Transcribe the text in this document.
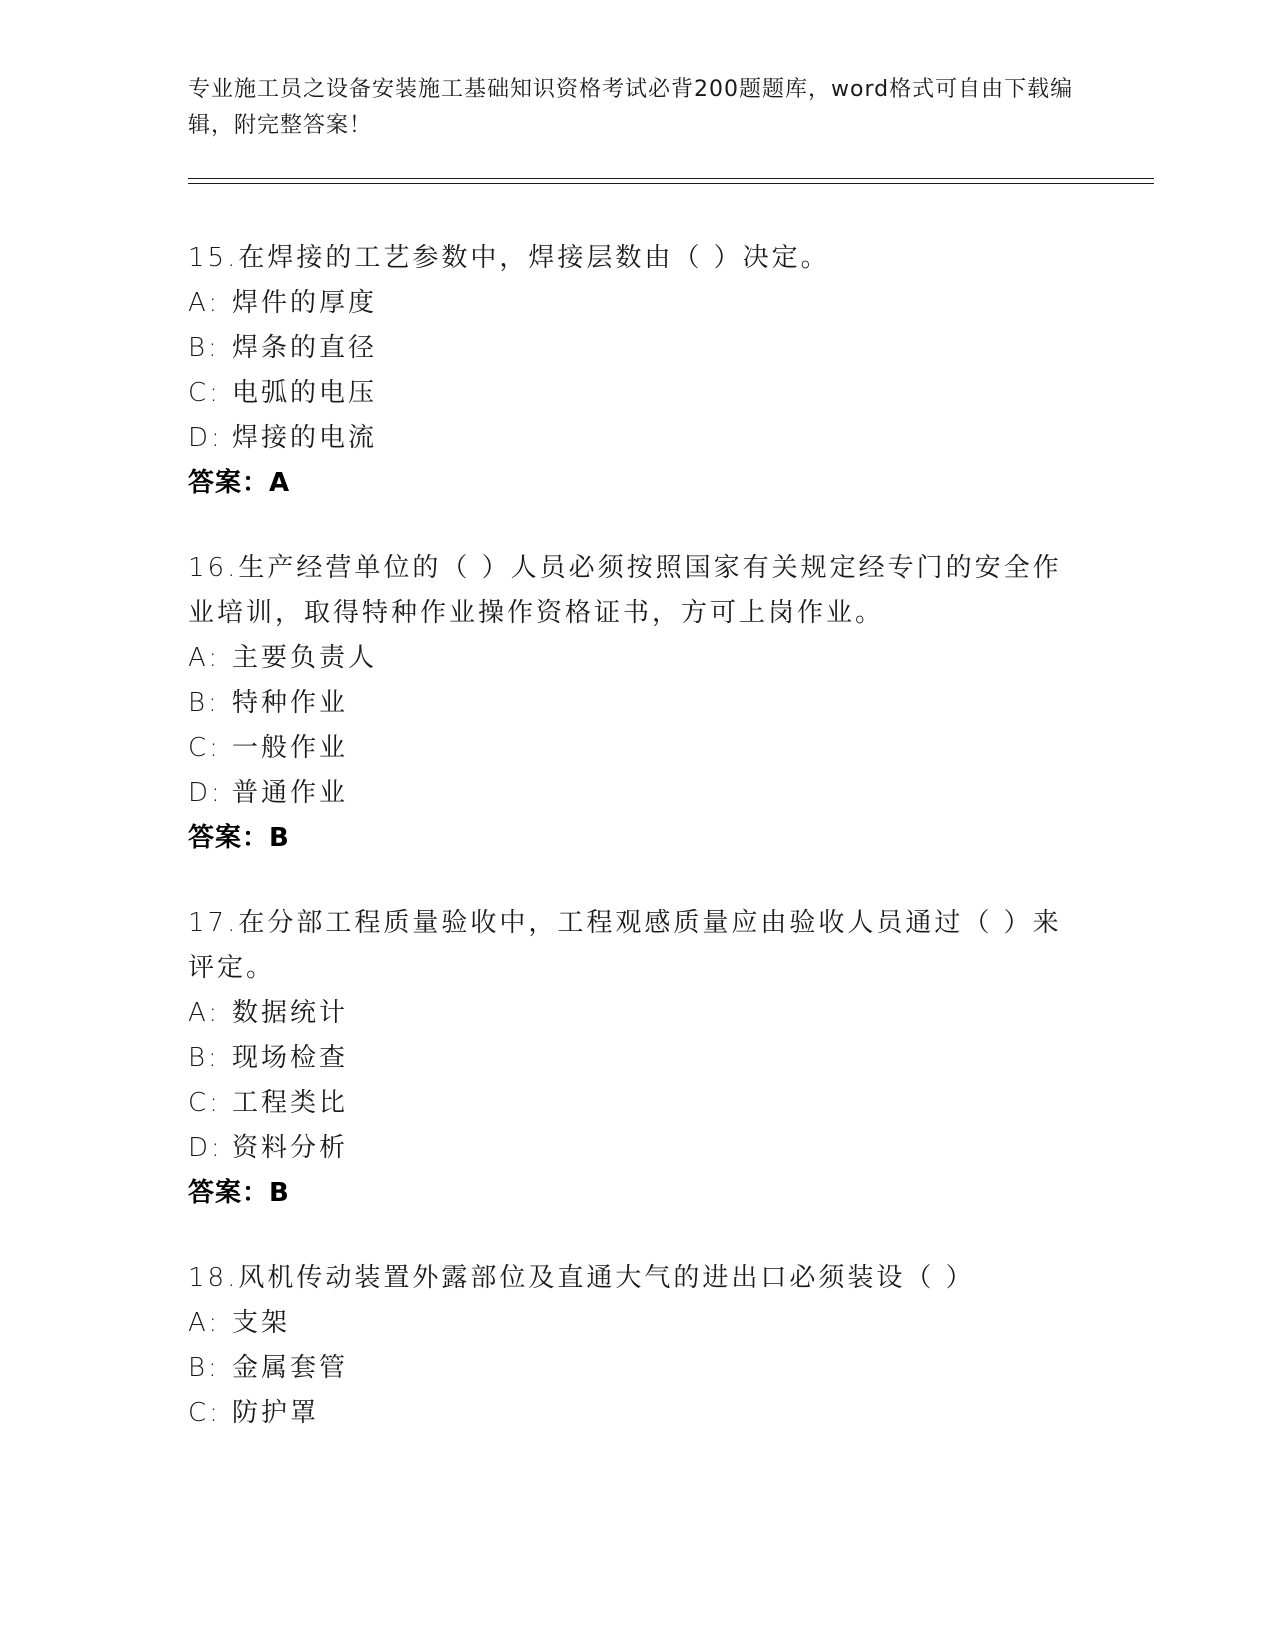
专业施工员之设备安装施工基础知识资格考试必背200题题库，word格式可自由下载编辑，附完整答案！
15.在焊接的工艺参数中，焊接层数由（ ）决定。
A: 焊件的厚度
B: 焊条的直径
C: 电弧的电压
D: 焊接的电流
答案：A
16.生产经营单位的（ ）人员必须按照国家有关规定经专门的安全作业培训，取得特种作业操作资格证书，方可上岗作业。
A: 主要负责人
B: 特种作业
C: 一般作业
D: 普通作业
答案：B
17.在分部工程质量验收中，工程观感质量应由验收人员通过（ ）来评定。
A: 数据统计
B: 现场检查
C: 工程类比
D: 资料分析
答案：B
18.风机传动装置外露部位及直通大气的进出口必须装设（ ）
A: 支架
B: 金属套管
C: 防护罩
